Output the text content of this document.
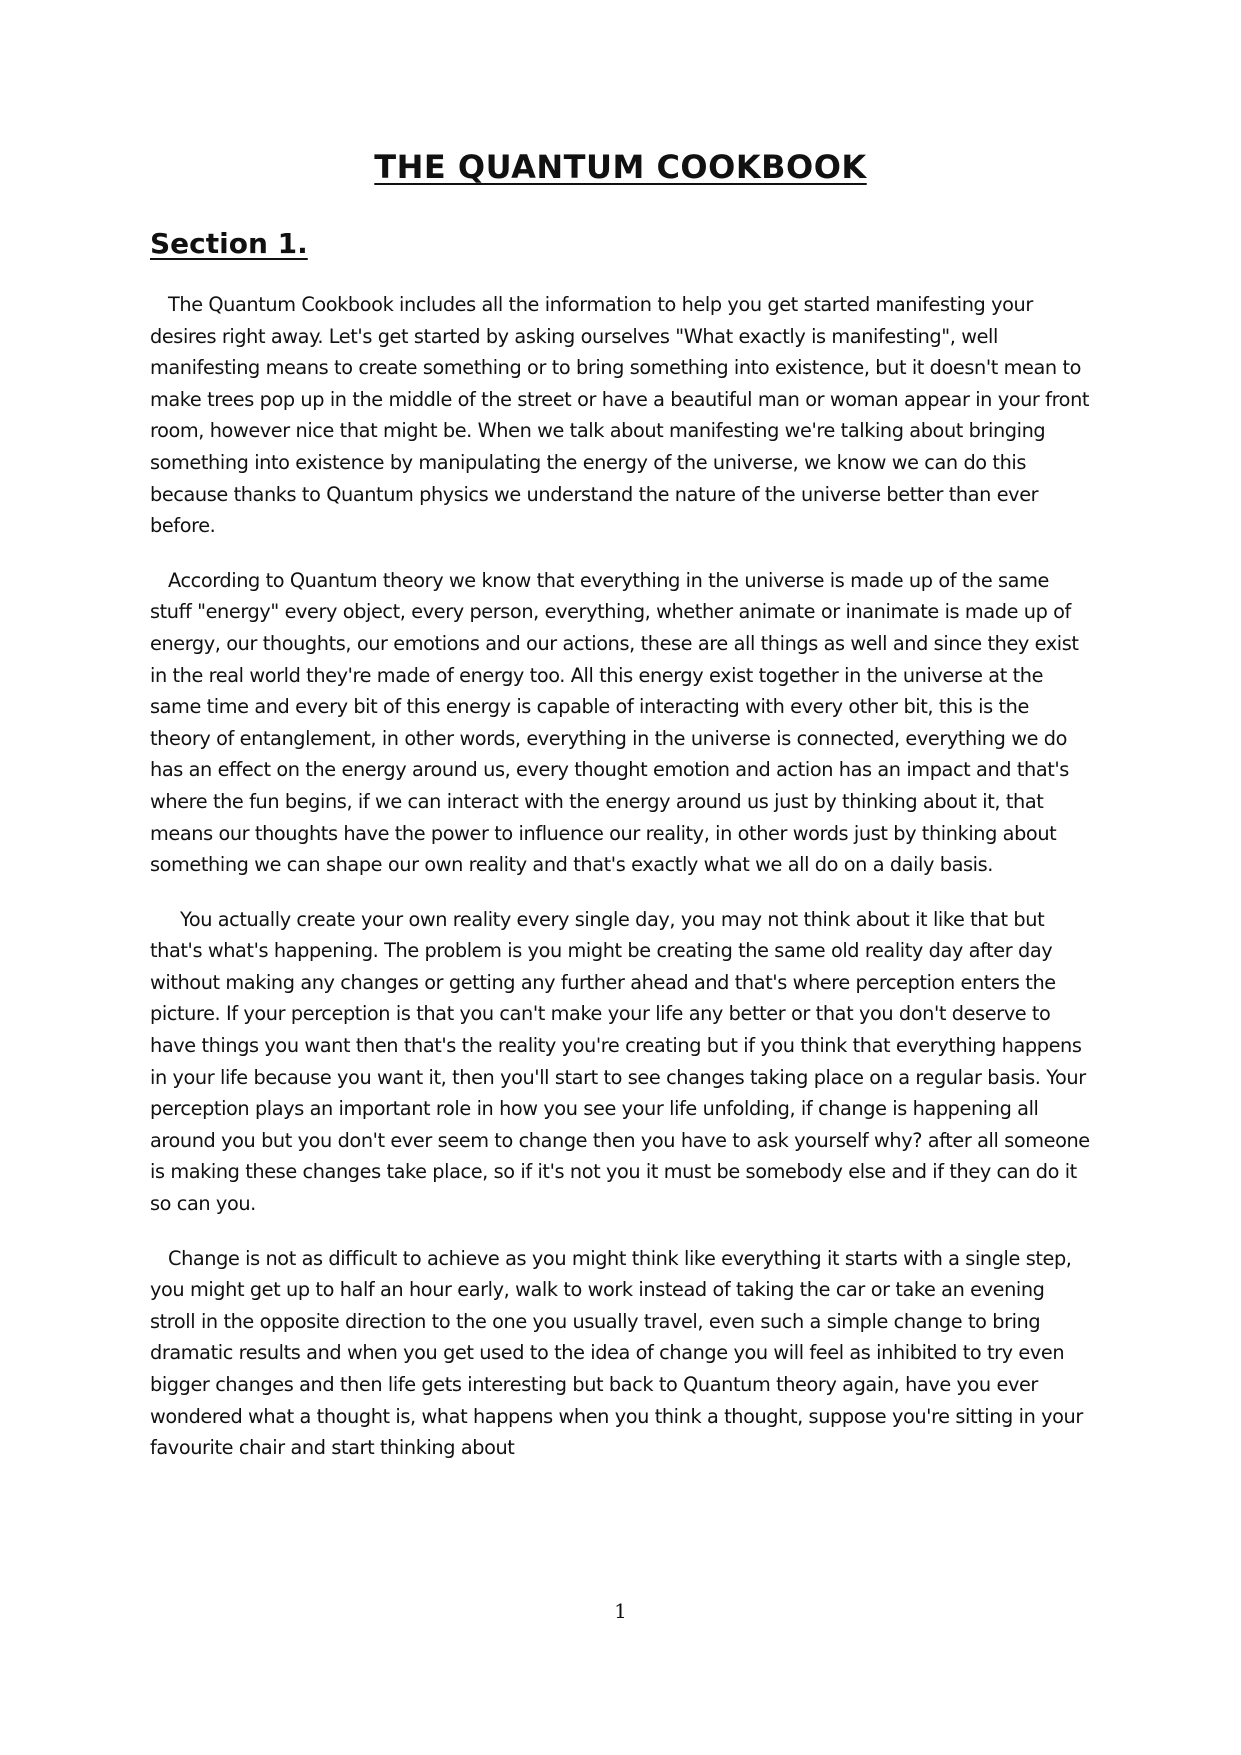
THE QUANTUM COOKBOOK
Section 1.

The Quantum Cookbook includes all the information to help you get started manifesting your desires right away. Let's get started by asking ourselves "What exactly is manifesting", well manifesting means to create something or to bring something into existence, but it doesn't mean to make trees pop up in the middle of the street or have a beautiful man or woman appear in your front room, however nice that might be. When we talk about manifesting we're talking about bringing something into existence by manipulating the energy of the universe, we know we can do this because thanks to Quantum physics we understand the nature of the universe better than ever before.

According to Quantum theory we know that everything in the universe is made up of the same stuff "energy" every object, every person, everything, whether animate or inanimate is made up of energy, our thoughts, our emotions and our actions, these are all things as well and since they exist in the real world they're made of energy too. All this energy exist together in the universe at the same time and every bit of this energy is capable of interacting with every other bit, this is the theory of entanglement, in other words, everything in the universe is connected, everything we do has an effect on the energy around us, every thought emotion and action has an impact and that's where the fun begins, if we can interact with the energy around us just by thinking about it, that means our thoughts have the power to influence our reality, in other words just by thinking about something we can shape our own reality and that's exactly what we all do on a daily basis.

You actually create your own reality every single day, you may not think about it like that but that's what's happening. The problem is you might be creating the same old reality day after day without making any changes or getting any further ahead and that's where perception enters the picture. If your perception is that you can't make your life any better or that you don't deserve to have things you want then that's the reality you're creating but if you think that everything happens in your life because you want it, then you'll start to see changes taking place on a regular basis. Your perception plays an important role in how you see your life unfolding, if change is happening all around you but you don't ever seem to change then you have to ask yourself why? after all someone is making these changes take place, so if it's not you it must be somebody else and if they can do it so can you.

Change is not as difficult to achieve as you might think like everything it starts with a single step, you might get up to half an hour early, walk to work instead of taking the car or take an evening stroll in the opposite direction to the one you usually travel, even such a simple change to bring dramatic results and when you get used to the idea of change you will feel as inhibited to try even bigger changes and then life gets interesting but back to Quantum theory again, have you ever wondered what a thought is, what happens when you think a thought, suppose you're sitting in your favourite chair and start thinking about

1
